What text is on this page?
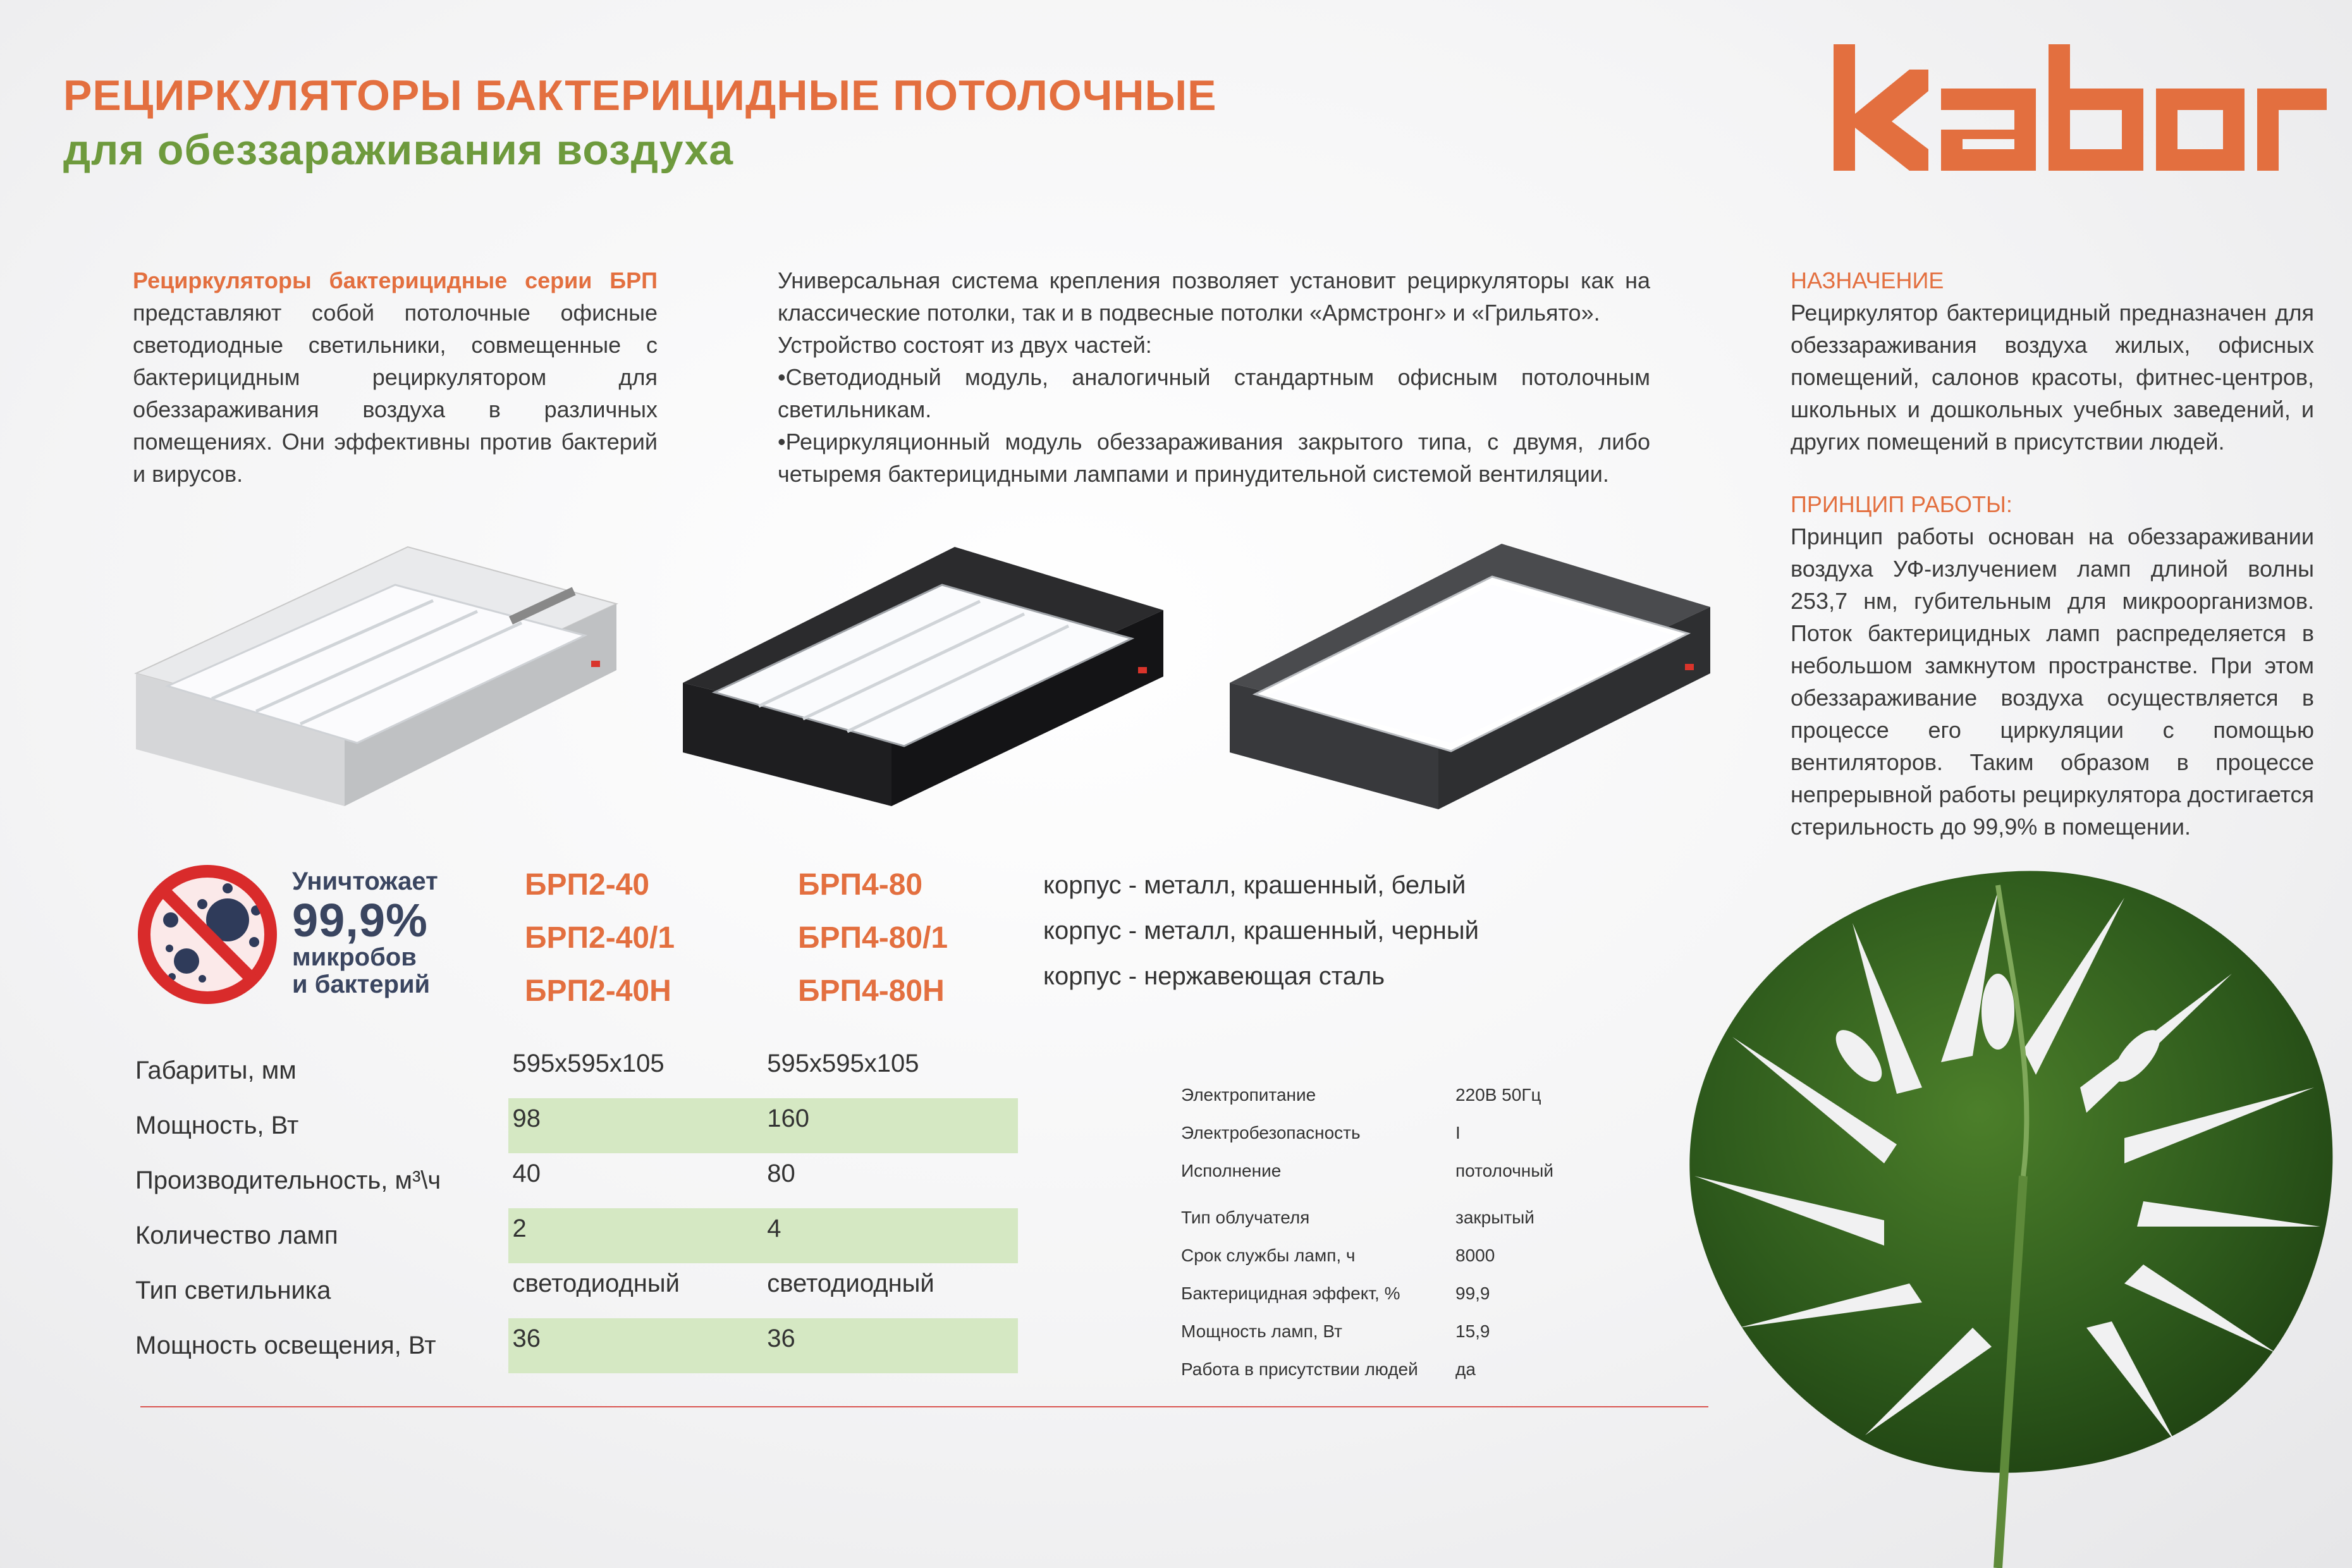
РЕЦИРКУЛЯТОРЫ БАКТЕРИЦИДНЫЕ ПОТОЛОЧНЫЕ
для обеззараживания воздуха
Рециркуляторы бактерицидные серии БРП представляют собой потолочные офисные светодиодные светильники, совмещенные с бактерицидным рециркулятором для обеззараживания воздуха в различных помещениях. Они эффективны против бактерий и вирусов.

Универсальная система крепления позволяет установит рециркуляторы как на классические потолки, так и в подвесные потолки «Армстронг» и «Грильято».

Устройство состоят из двух частей:

•Светодиодный модуль, аналогичный стандартным офисным потолочным светильникам.

•Рециркуляционный модуль обеззараживания закрытого типа, с двумя, либо четыремя бактерицидными лампами и принудительной системой вентиляции.

НАЗНАЧЕНИЕ

Рециркулятор бактерицидный предназначен для обеззараживания воздуха жилых, офисных помещений, салонов красоты, фитнес-центров, школьных и дошкольных учебных заведений, и других помещений в присутствии людей.

ПРИНЦИП РАБОТЫ:

Принцип работы основан на обеззараживании воздуха УФ-излучением ламп длиной волны 253,7 нм, губительным для микроорганизмов. Поток бактерицидных ламп распределяется в небольшом замкнутом пространстве. При этом обеззараживание воздуха осуществляется в процессе его циркуляции с помощью вентиляторов. Таким образом в процессе непрерывной работы рециркулятора достигается стерильность до 99,9% в помещении.

Уничтожает
99,9%
микробов
и бактерий
БРП2-40
БРП2-40/1
БРП2-40Н
БРП4-80
БРП4-80/1
БРП4-80Н
корпус - металл, крашенный, белый
корпус - металл, крашенный, черный
корпус - нержавеющая сталь
Габариты, мм	595x595x105	595x595x105
Мощность, Вт	98	160
Производительность, м³\ч	40	80
Количество ламп	2	4
Тип светильника	светодиодный	светодиодный
Мощность освещения, Вт	36	36
Электропитание	220В 50Гц
Электробезопасность	I
Исполнение	потолочный
Тип облучателя	закрытый
Срок службы ламп, ч	8000
Бактерицидная эффект, %	99,9
Мощность ламп, Вт	15,9
Работа в присутствии людей	да
